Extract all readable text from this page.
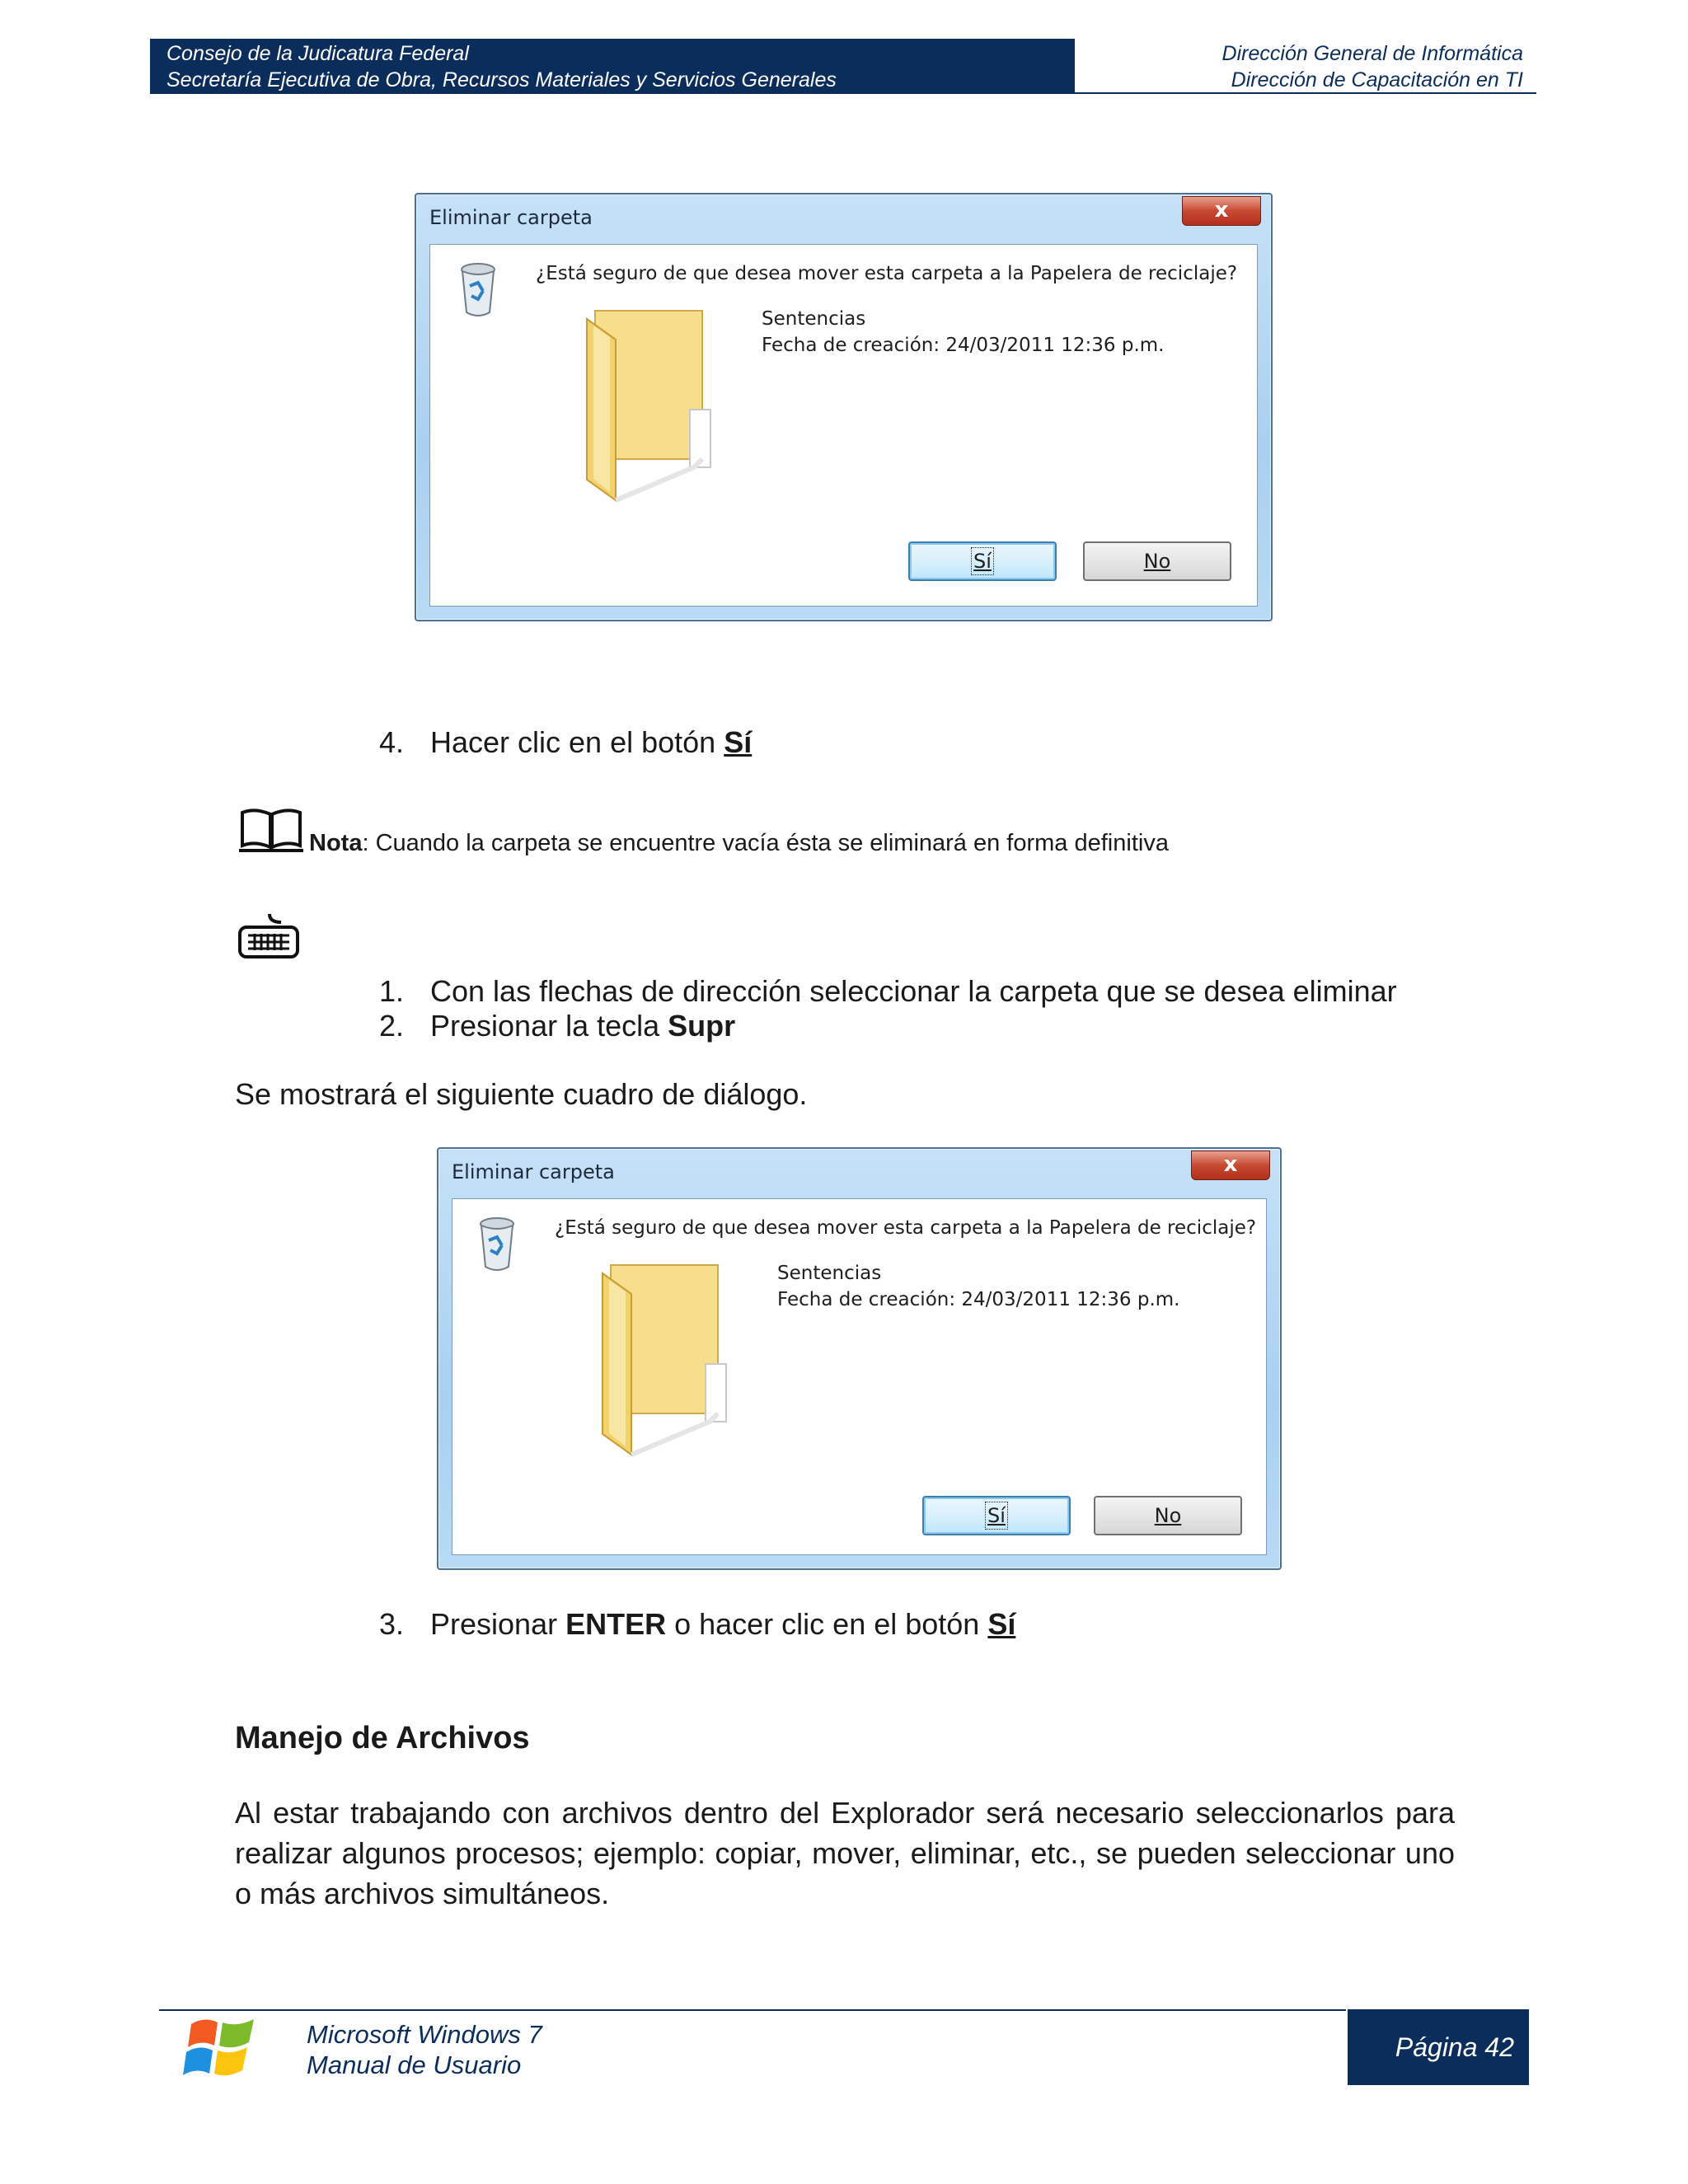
Consejo de la Judicatura Federal
Secretaría Ejecutiva de Obra, Recursos Materiales y Servicios Generales
Dirección General de Informática
Dirección de Capacitación en TI
Eliminar carpeta	x
¿Está seguro de que desea mover esta carpeta a la Papelera de reciclaje?
Sentencias
Fecha de creación: 24/03/2011 12:36 p.m.
Sí	No
4. Hacer clic en el botón Sí
Nota: Cuando la carpeta se encuentre vacía ésta se eliminará en forma definitiva
1. Con las flechas de dirección seleccionar la carpeta que se desea eliminar
2. Presionar la tecla Supr
Se mostrará el siguiente cuadro de diálogo.
Eliminar carpeta	x
¿Está seguro de que desea mover esta carpeta a la Papelera de reciclaje?
Sentencias
Fecha de creación: 24/03/2011 12:36 p.m.
Sí	No
3. Presionar ENTER o hacer clic en el botón Sí
Manejo de Archivos
Al estar trabajando con archivos dentro del Explorador será necesario seleccionarlos para realizar algunos procesos; ejemplo: copiar, mover, eliminar, etc., se pueden seleccionar uno o más archivos simultáneos.
Microsoft Windows 7
Manual de Usuario
Página 42
